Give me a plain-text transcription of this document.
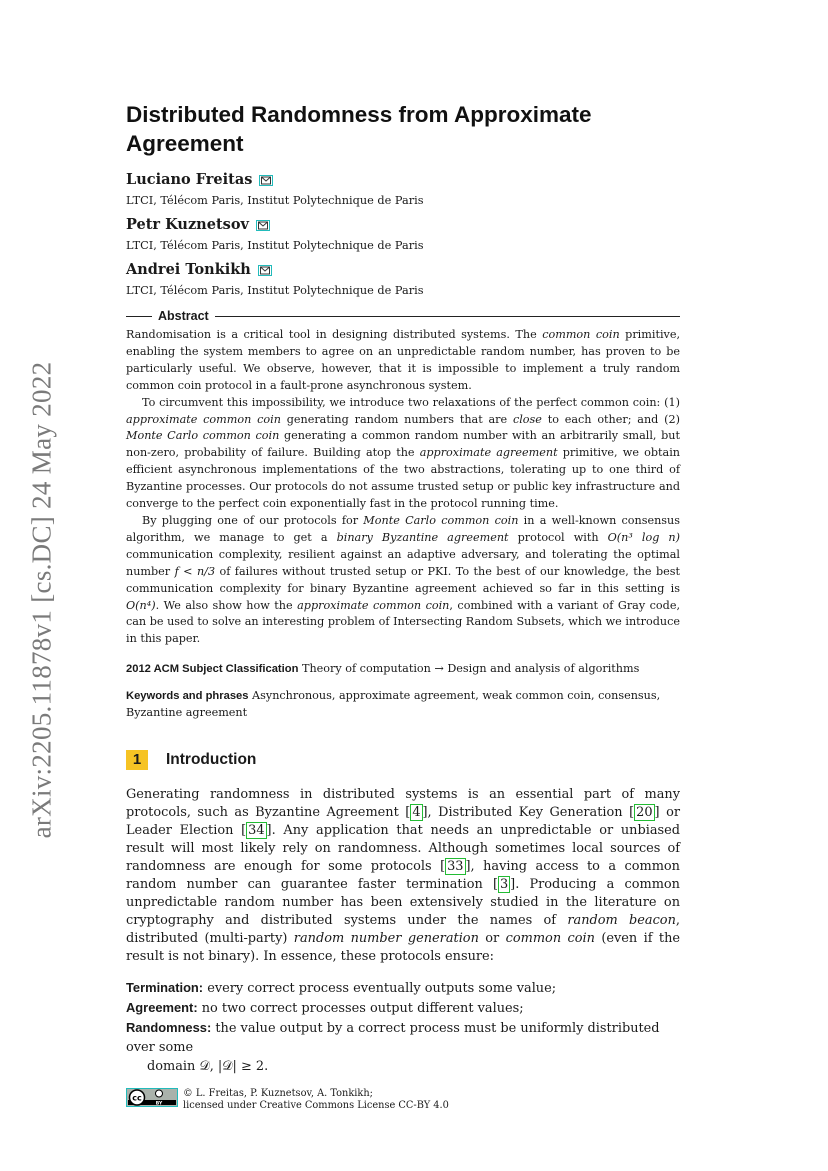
arXiv:2205.11878v1 [cs.DC] 24 May 2022
Distributed Randomness from Approximate Agreement
Luciano Freitas
LTCI, Télécom Paris, Institut Polytechnique de Paris
Petr Kuznetsov
LTCI, Télécom Paris, Institut Polytechnique de Paris
Andrei Tonkikh
LTCI, Télécom Paris, Institut Polytechnique de Paris
Abstract

Randomisation is a critical tool in designing distributed systems. The common coin primitive, enabling the system members to agree on an unpredictable random number, has proven to be particularly useful. We observe, however, that it is impossible to implement a truly random common coin protocol in a fault-prone asynchronous system.

To circumvent this impossibility, we introduce two relaxations of the perfect common coin: (1) approximate common coin generating random numbers that are close to each other; and (2) Monte Carlo common coin generating a common random number with an arbitrarily small, but non-zero, probability of failure. Building atop the approximate agreement primitive, we obtain efficient asynchronous implementations of the two abstractions, tolerating up to one third of Byzantine processes. Our protocols do not assume trusted setup or public key infrastructure and converge to the perfect coin exponentially fast in the protocol running time.

By plugging one of our protocols for Monte Carlo common coin in a well-known consensus algorithm, we manage to get a binary Byzantine agreement protocol with O(n³ log n) communication complexity, resilient against an adaptive adversary, and tolerating the optimal number f < n/3 of failures without trusted setup or PKI. To the best of our knowledge, the best communication complexity for binary Byzantine agreement achieved so far in this setting is O(n⁴). We also show how the approximate common coin, combined with a variant of Gray code, can be used to solve an interesting problem of Intersecting Random Subsets, which we introduce in this paper.

2012 ACM Subject Classification Theory of computation → Design and analysis of algorithms

Keywords and phrases Asynchronous, approximate agreement, weak common coin, consensus, Byzantine agreement

1	Introduction

Generating randomness in distributed systems is an essential part of many protocols, such as Byzantine Agreement [ 4 ], Distributed Key Generation [ 20 ] or Leader Election [ 34 ]. Any application that needs an unpredictable or unbiased result will most likely rely on randomness. Although sometimes local sources of randomness are enough for some protocols [ 33 ], having access to a common random number can guarantee faster termination [ 3 ]. Producing a common unpredictable random number has been extensively studied in the literature on cryptography and distributed systems under the names of random beacon, distributed (multi-party) random number generation or common coin (even if the result is not binary). In essence, these protocols ensure:

Termination: every correct process eventually outputs some value;
Agreement: no two correct processes output different values;
Randomness: the value output by a correct process must be uniformly distributed over some
domain 𝒟, |𝒟| ≥ 2.
cc
BY
© L. Freitas, P. Kuznetsov, A. Tonkikh;
licensed under Creative Commons License CC-BY 4.0
